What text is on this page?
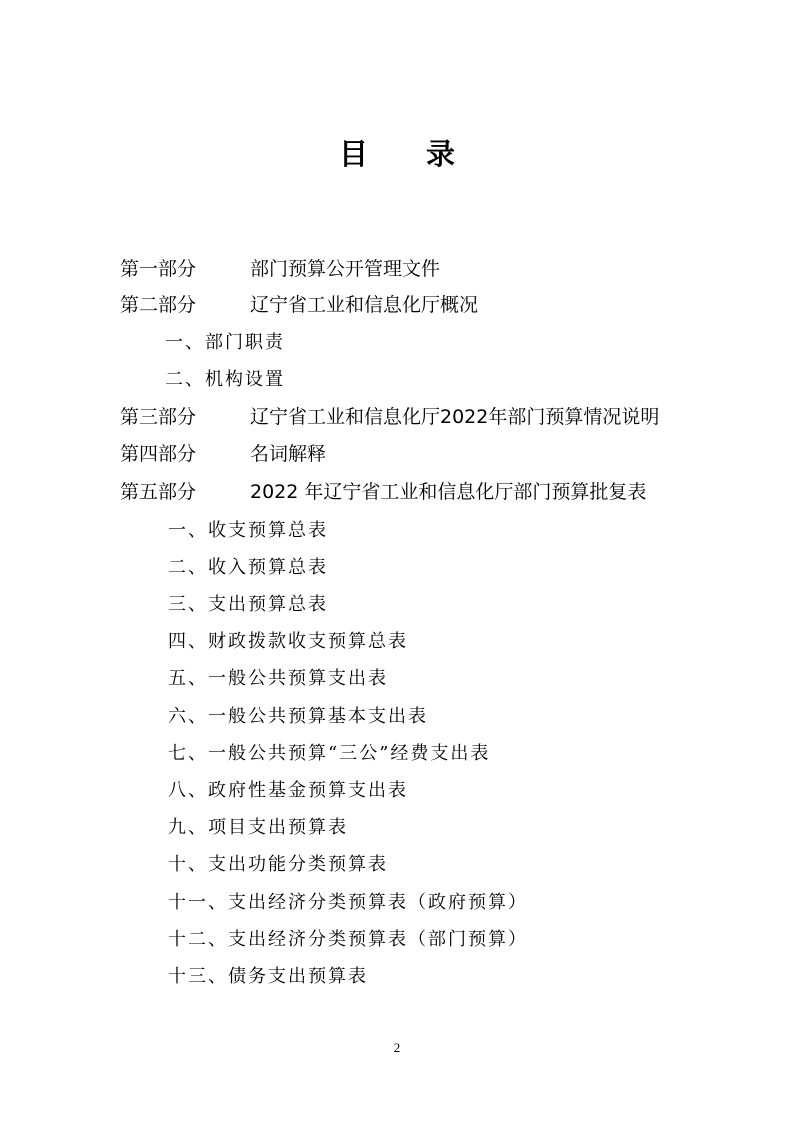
目 录
第一部分	部门预算公开管理文件
第二部分	辽宁省工业和信息化厅概况
一、部门职责
二、机构设置
第三部分	辽宁省工业和信息化厅2022年部门预算情况说明
第四部分	名词解释
第五部分	2022 年辽宁省工业和信息化厅部门预算批复表
一、收支预算总表
二、收入预算总表
三、支出预算总表
四、财政拨款收支预算总表
五、一般公共预算支出表
六、一般公共预算基本支出表
七、一般公共预算“三公”经费支出表
八、政府性基金预算支出表
九、项目支出预算表
十、支出功能分类预算表
十一、支出经济分类预算表（政府预算）
十二、支出经济分类预算表（部门预算）
十三、债务支出预算表
2
